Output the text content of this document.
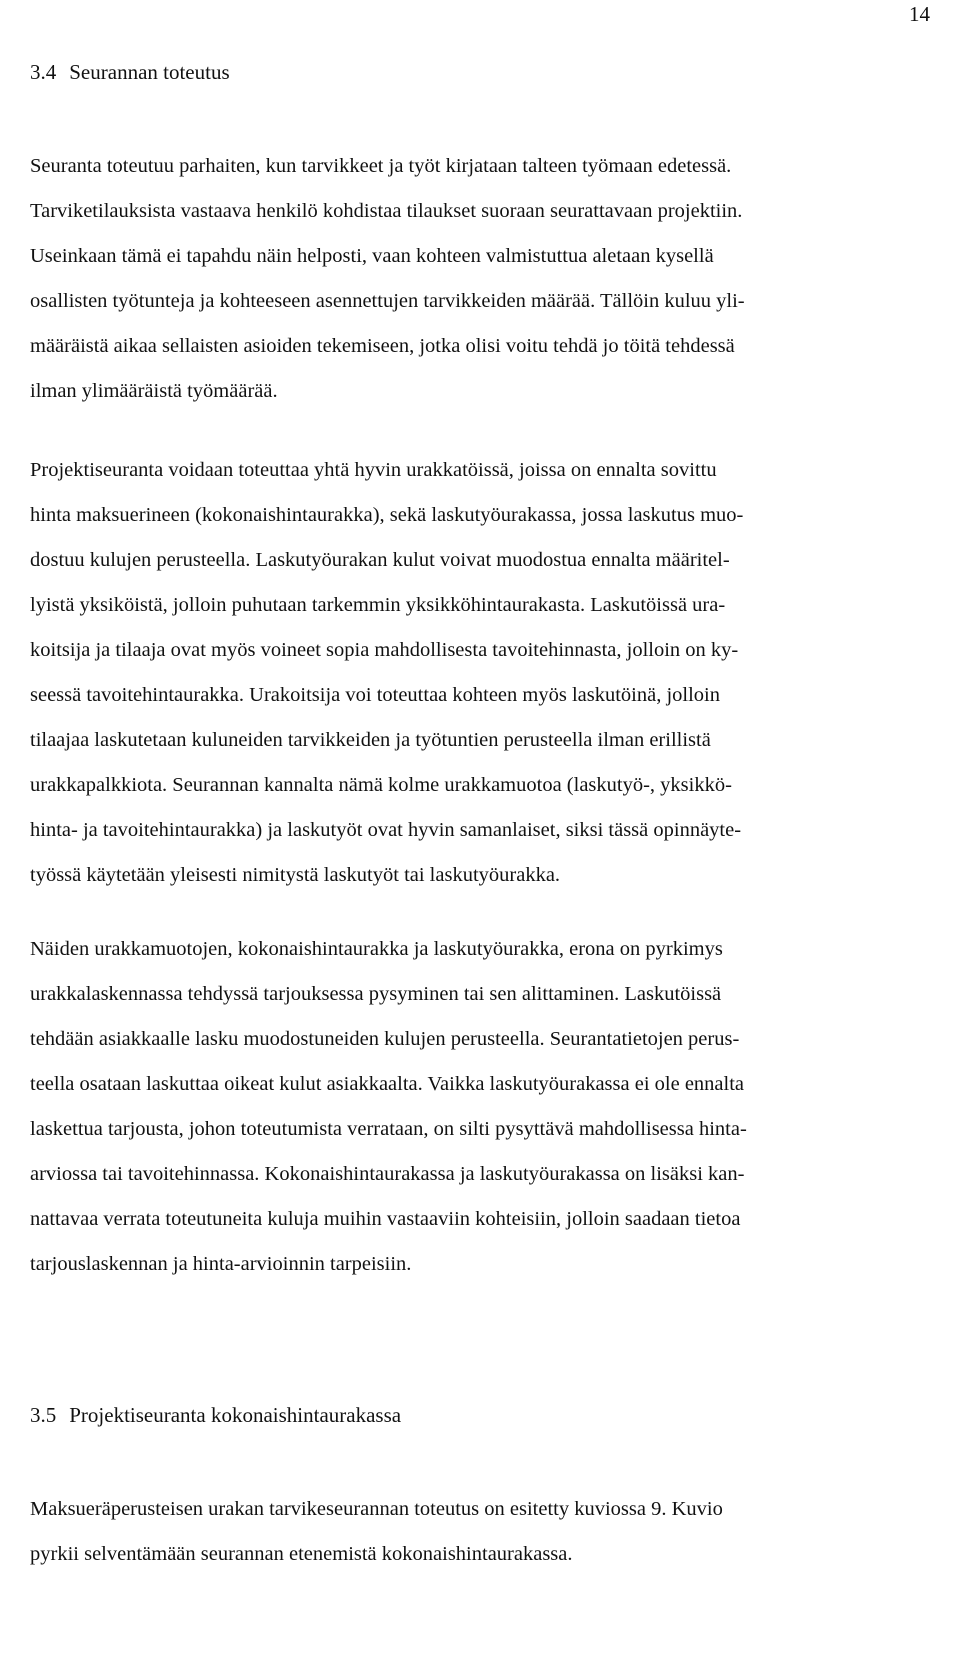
14
3.4 Seurannan toteutus
Seuranta toteutuu parhaiten, kun tarvikkeet ja työt kirjataan talteen työmaan edetessä.
Tarviketilauksista vastaava henkilö kohdistaa tilaukset suoraan seurattavaan projektiin.
Useinkaan tämä ei tapahdu näin helposti, vaan kohteen valmistuttua aletaan kysellä
osallisten työtunteja ja kohteeseen asennettujen tarvikkeiden määrää. Tällöin kuluu yli-
määräistä aikaa sellaisten asioiden tekemiseen, jotka olisi voitu tehdä jo töitä tehdessä
ilman ylimääräistä työmäärää.
Projektiseuranta voidaan toteuttaa yhtä hyvin urakkatöissä, joissa on ennalta sovittu
hinta maksuerineen (kokonaishintaurakka), sekä laskutyöurakassa, jossa laskutus muo-
dostuu kulujen perusteella. Laskutyöurakan kulut voivat muodostua ennalta määritel-
lyistä yksiköistä, jolloin puhutaan tarkemmin yksikköhintaurakasta. Laskutöissä ura-
koitsija ja tilaaja ovat myös voineet sopia mahdollisesta tavoitehinnasta, jolloin on ky-
seessä tavoitehintaurakka. Urakoitsija voi toteuttaa kohteen myös laskutöinä, jolloin
tilaajaa laskutetaan kuluneiden tarvikkeiden ja työtuntien perusteella ilman erillistä
urakkapalkkiota. Seurannan kannalta nämä kolme urakkamuotoa (laskutyö-, yksikkö-
hinta- ja tavoitehintaurakka) ja laskutyöt ovat hyvin samanlaiset, siksi tässä opinnäyte-
työssä käytetään yleisesti nimitystä laskutyöt tai laskutyöurakka.
Näiden urakkamuotojen, kokonaishintaurakka ja laskutyöurakka, erona on pyrkimys
urakkalaskennassa tehdyssä tarjouksessa pysyminen tai sen alittaminen. Laskutöissä
tehdään asiakkaalle lasku muodostuneiden kulujen perusteella. Seurantatietojen perus-
teella osataan laskuttaa oikeat kulut asiakkaalta. Vaikka laskutyöurakassa ei ole ennalta
laskettua tarjousta, johon toteutumista verrataan, on silti pysyttävä mahdollisessa hinta-
arviossa tai tavoitehinnassa. Kokonaishintaurakassa ja laskutyöurakassa on lisäksi kan-
nattavaa verrata toteutuneita kuluja muihin vastaaviin kohteisiin, jolloin saadaan tietoa
tarjouslaskennan ja hinta-arvioinnin tarpeisiin.
3.5 Projektiseuranta kokonaishintaurakassa
Maksueräperusteisen urakan tarvikeseurannan toteutus on esitetty kuviossa 9. Kuvio
pyrkii selventämään seurannan etenemistä kokonaishintaurakassa.
